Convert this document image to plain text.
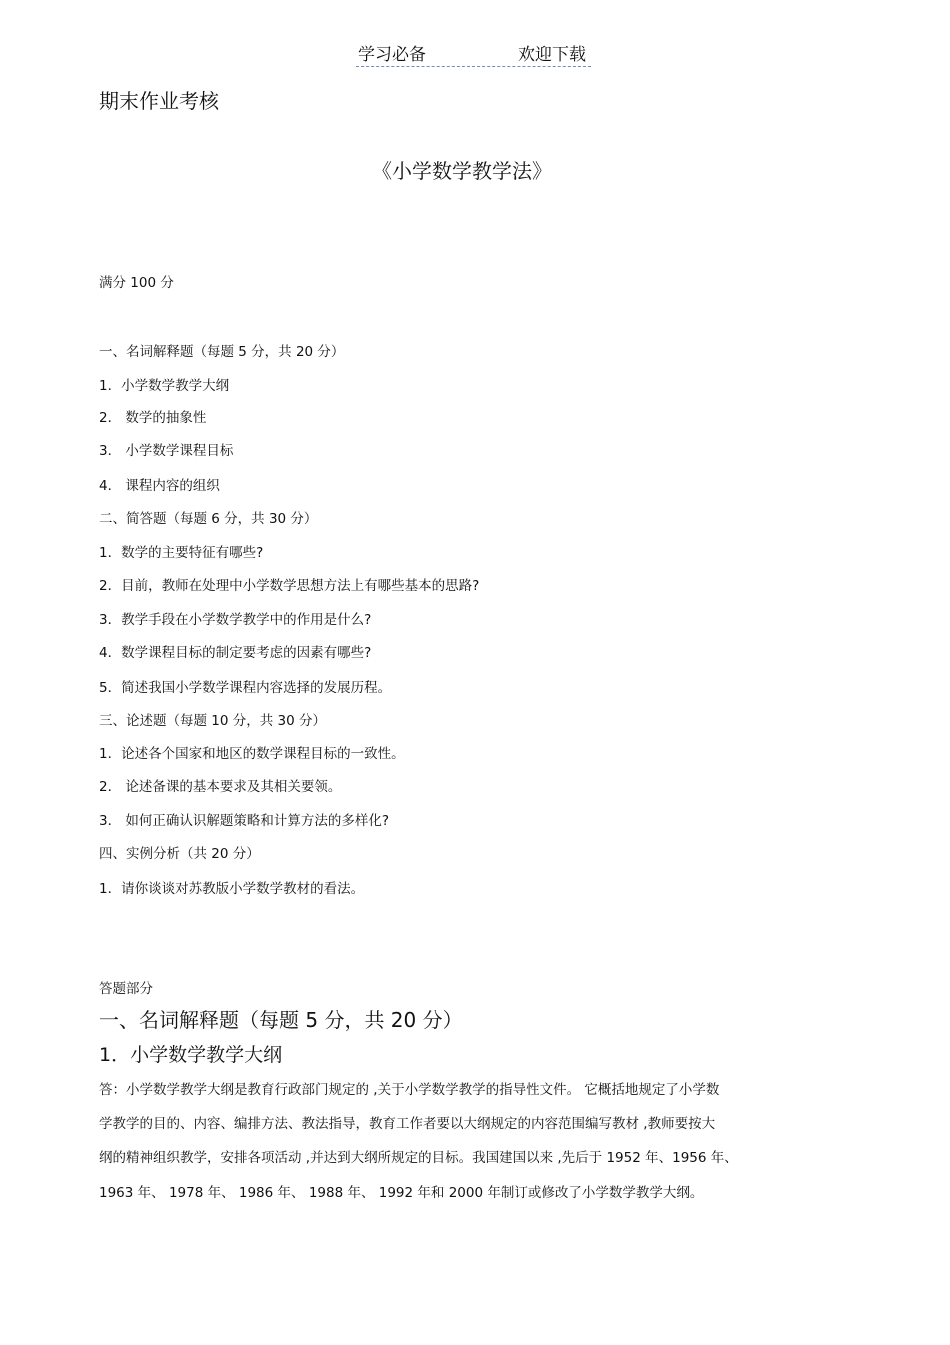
学习必备	欢迎下载
期末作业考核
《小学数学教学法》
满分 100 分
一、名词解释题（每题 5 分，共 20 分）
1．小学数学教学大纲
2． 数学的抽象性
3． 小学数学课程目标
4． 课程内容的组织
二、简答题（每题 6 分，共 30 分）
1．数学的主要特征有哪些?
2．目前，教师在处理中小学数学思想方法上有哪些基本的思路?
3．教学手段在小学数学教学中的作用是什么?
4．数学课程目标的制定要考虑的因素有哪些?
5．简述我国小学数学课程内容选择的发展历程。
三、论述题（每题 10 分，共 30 分）
1．论述各个国家和地区的数学课程目标的一致性。
2． 论述备课的基本要求及其相关要领。
3． 如何正确认识解题策略和计算方法的多样化?
四、实例分析（共 20 分）
1．请你谈谈对苏教版小学数学教材的看法。
答题部分
一、名词解释题（每题 5 分，共 20 分）
1．小学数学教学大纲
答：小学数学教学大纲是教育行政部门规定的 ,关于小学数学教学的指导性文件。 它概括地规定了小学数
学教学的目的、内容、编排方法、教法指导，教育工作者要以大纲规定的内容范围编写教材 ,教师要按大
纲的精神组织教学，安排各项活动 ,并达到大纲所规定的目标。我国建国以来 ,先后于 1952 年、1956 年、
1963 年、 1978 年、 1986 年、 1988 年、 1992 年和 2000 年制订或修改了小学数学教学大纲。
